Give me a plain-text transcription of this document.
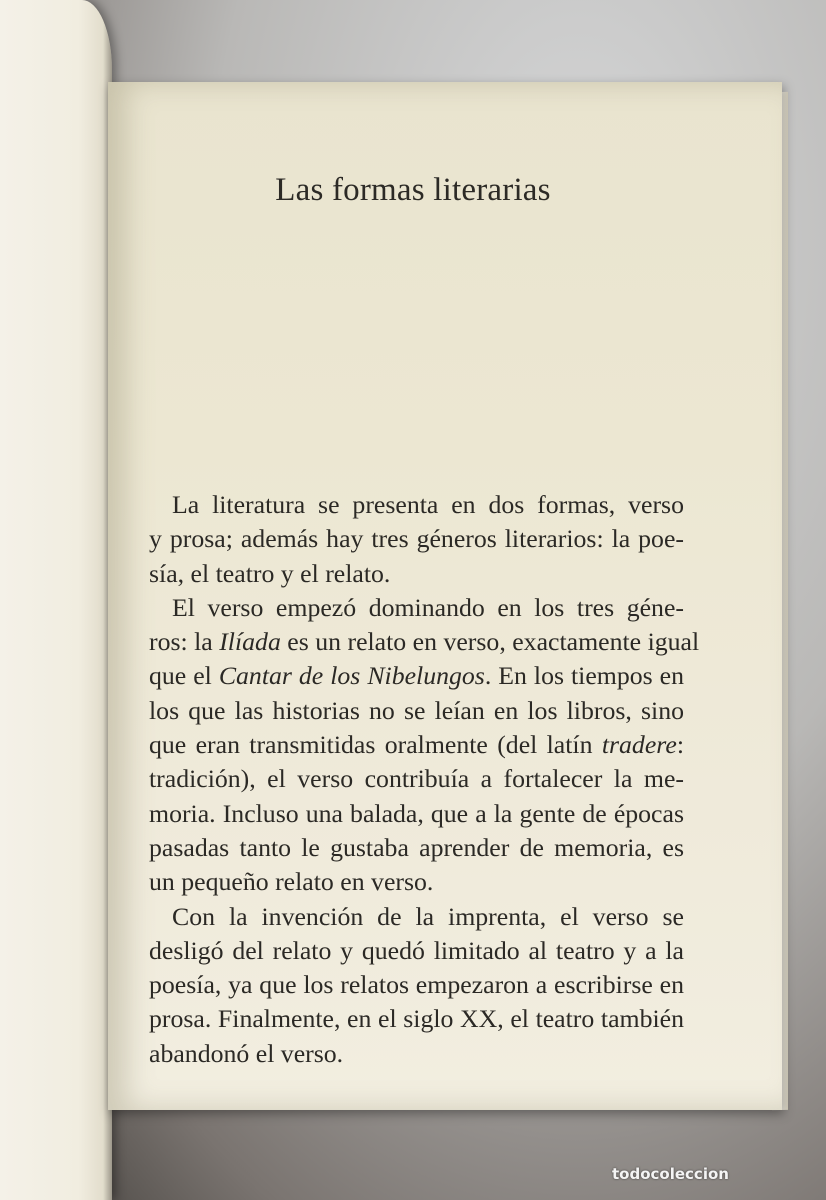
Las formas literarias
La literatura se presenta en dos formas, verso
y prosa; además hay tres géneros literarios: la poe-
sía, el teatro y el relato.
El verso empezó dominando en los tres géne-
ros: la Ilíada es un relato en verso, exactamente igual
que el Cantar de los Nibelungos. En los tiempos en
los que las historias no se leían en los libros, sino
que eran transmitidas oralmente (del latín tradere:
tradición), el verso contribuía a fortalecer la me-
moria. Incluso una balada, que a la gente de épocas
pasadas tanto le gustaba aprender de memoria, es
un pequeño relato en verso.
Con la invención de la imprenta, el verso se
desligó del relato y quedó limitado al teatro y a la
poesía, ya que los relatos empezaron a escribirse en
prosa. Finalmente, en el siglo XX, el teatro también
abandonó el verso.
todocoleccion
